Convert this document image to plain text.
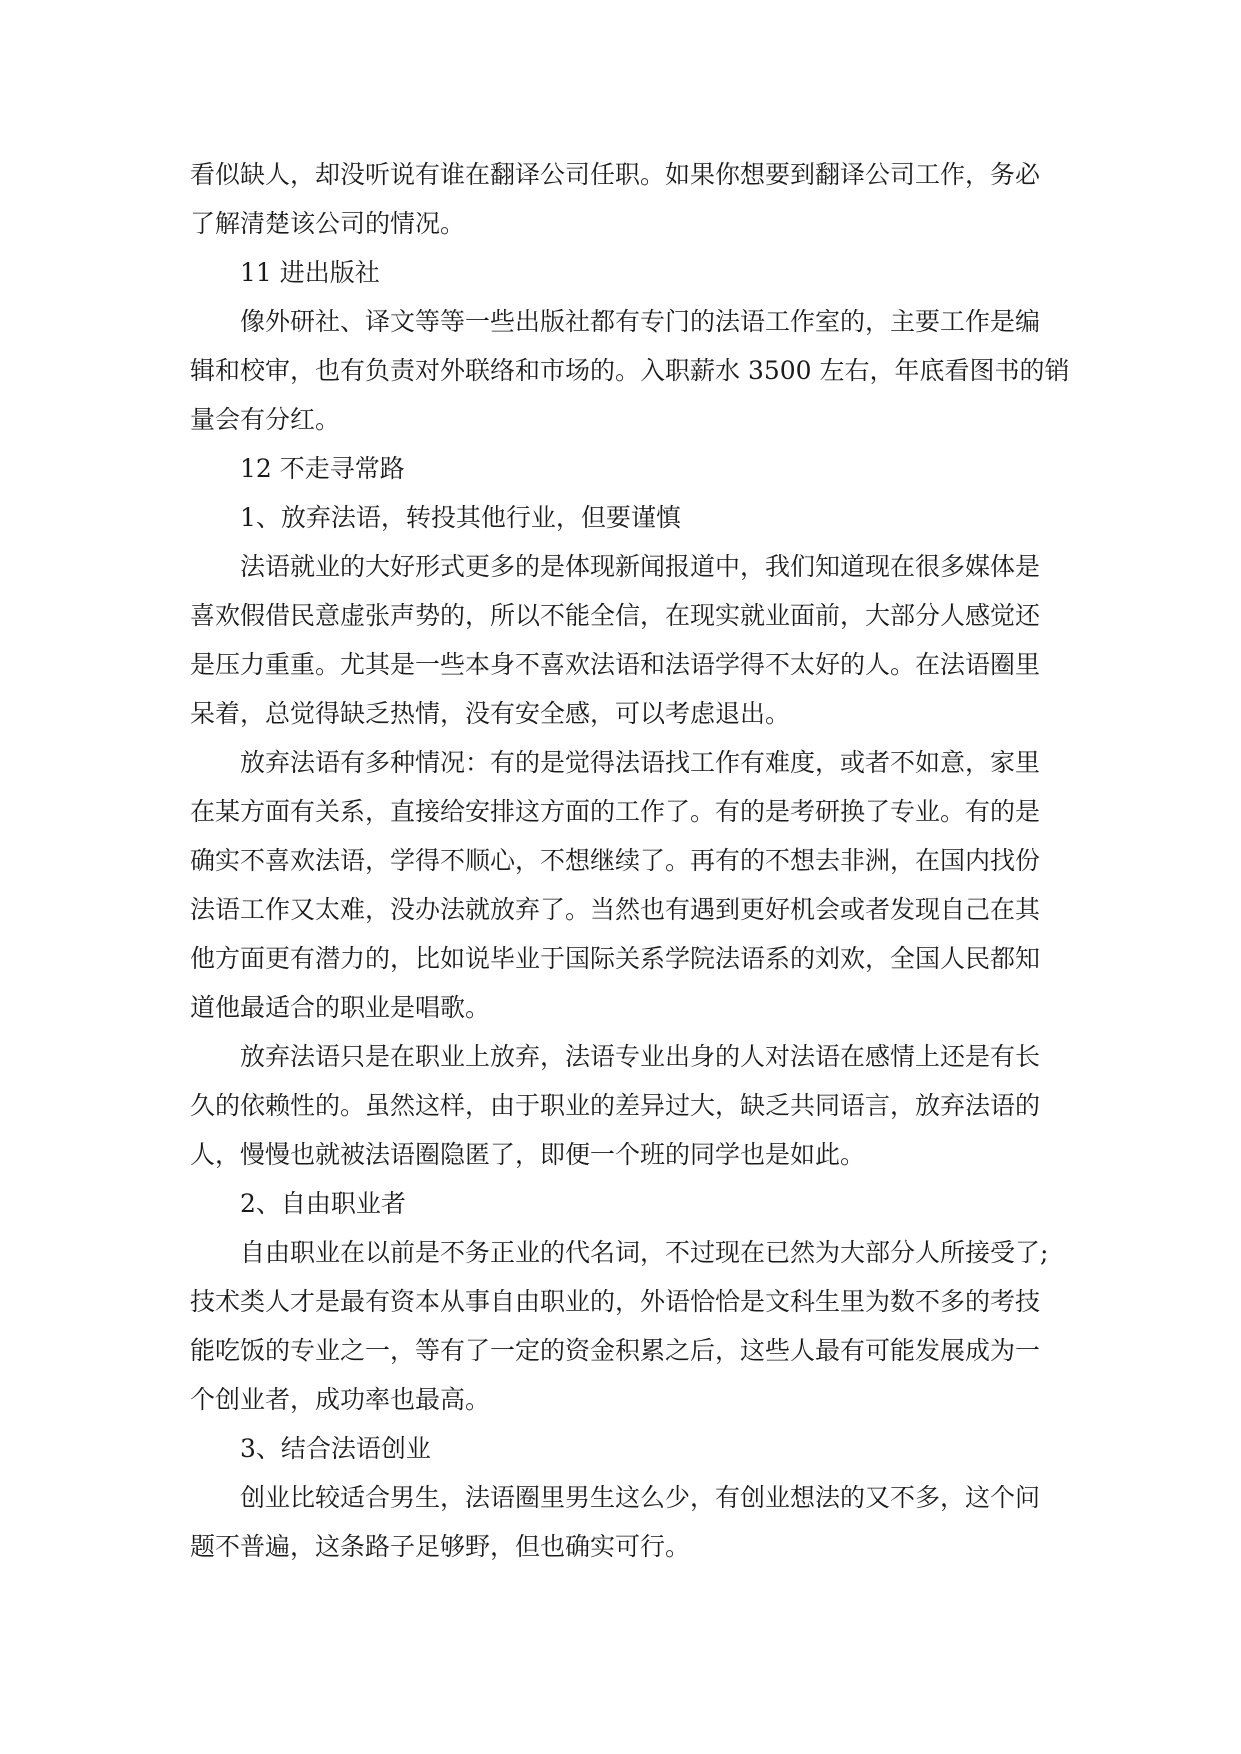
看似缺人，却没听说有谁在翻译公司任职。如果你想要到翻译公司工作，务必

了解清楚该公司的情况。

11 进出版社

像外研社、译文等等一些出版社都有专门的法语工作室的，主要工作是编

辑和校审，也有负责对外联络和市场的。入职薪水 3500 左右，年底看图书的销

量会有分红。

12 不走寻常路

1、放弃法语，转投其他行业，但要谨慎

法语就业的大好形式更多的是体现新闻报道中，我们知道现在很多媒体是

喜欢假借民意虚张声势的，所以不能全信，在现实就业面前，大部分人感觉还

是压力重重。尤其是一些本身不喜欢法语和法语学得不太好的人。在法语圈里

呆着，总觉得缺乏热情，没有安全感，可以考虑退出。

放弃法语有多种情况：有的是觉得法语找工作有难度，或者不如意，家里

在某方面有关系，直接给安排这方面的工作了。有的是考研换了专业。有的是

确实不喜欢法语，学得不顺心，不想继续了。再有的不想去非洲，在国内找份

法语工作又太难，没办法就放弃了。当然也有遇到更好机会或者发现自己在其

他方面更有潜力的，比如说毕业于国际关系学院法语系的刘欢，全国人民都知

道他最适合的职业是唱歌。

放弃法语只是在职业上放弃，法语专业出身的人对法语在感情上还是有长

久的依赖性的。虽然这样，由于职业的差异过大，缺乏共同语言，放弃法语的

人，慢慢也就被法语圈隐匿了，即便一个班的同学也是如此。

2、自由职业者

自由职业在以前是不务正业的代名词，不过现在已然为大部分人所接受了;

技术类人才是最有资本从事自由职业的，外语恰恰是文科生里为数不多的考技

能吃饭的专业之一，等有了一定的资金积累之后，这些人最有可能发展成为一

个创业者，成功率也最高。

3、结合法语创业

创业比较适合男生，法语圈里男生这么少，有创业想法的又不多，这个问

题不普遍，这条路子足够野，但也确实可行。
